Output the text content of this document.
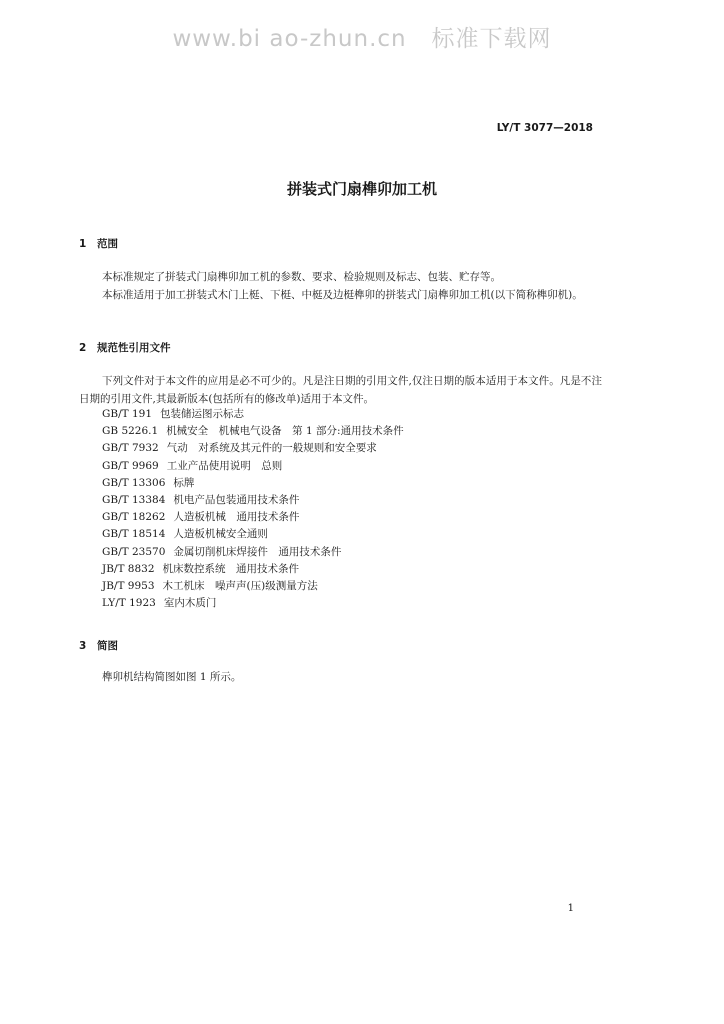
www.bi ao-zhun.cn   标准下载网
LY/T 3077—2018
拼装式门扇榫卯加工机
1 范围
本标准规定了拼装式门扇榫卯加工机的参数、要求、检验规则及标志、包装、贮存等。
本标准适用于加工拼装式木门上梃、下梃、中梃及边梃榫卯的拼装式门扇榫卯加工机(以下简称榫卯机)。
2 规范性引用文件
下列文件对于本文件的应用是必不可少的。凡是注日期的引用文件,仅注日期的版本适用于本文件。凡是不注日期的引用文件,其最新版本(包括所有的修改单)适用于本文件。
GB/T 191 包装储运图示标志
GB 5226.1 机械安全　机械电气设备　第 1 部分:通用技术条件
GB/T 7932 气动　对系统及其元件的一般规则和安全要求
GB/T 9969 工业产品使用说明　总则
GB/T 13306 标牌
GB/T 13384 机电产品包装通用技术条件
GB/T 18262 人造板机械　通用技术条件
GB/T 18514 人造板机械安全通则
GB/T 23570 金属切削机床焊接件　通用技术条件
JB/T 8832 机床数控系统　通用技术条件
JB/T 9953 木工机床　噪声声(压)级测量方法
LY/T 1923 室内木质门
3 简图
榫卯机结构简图如图 1 所示。
1
